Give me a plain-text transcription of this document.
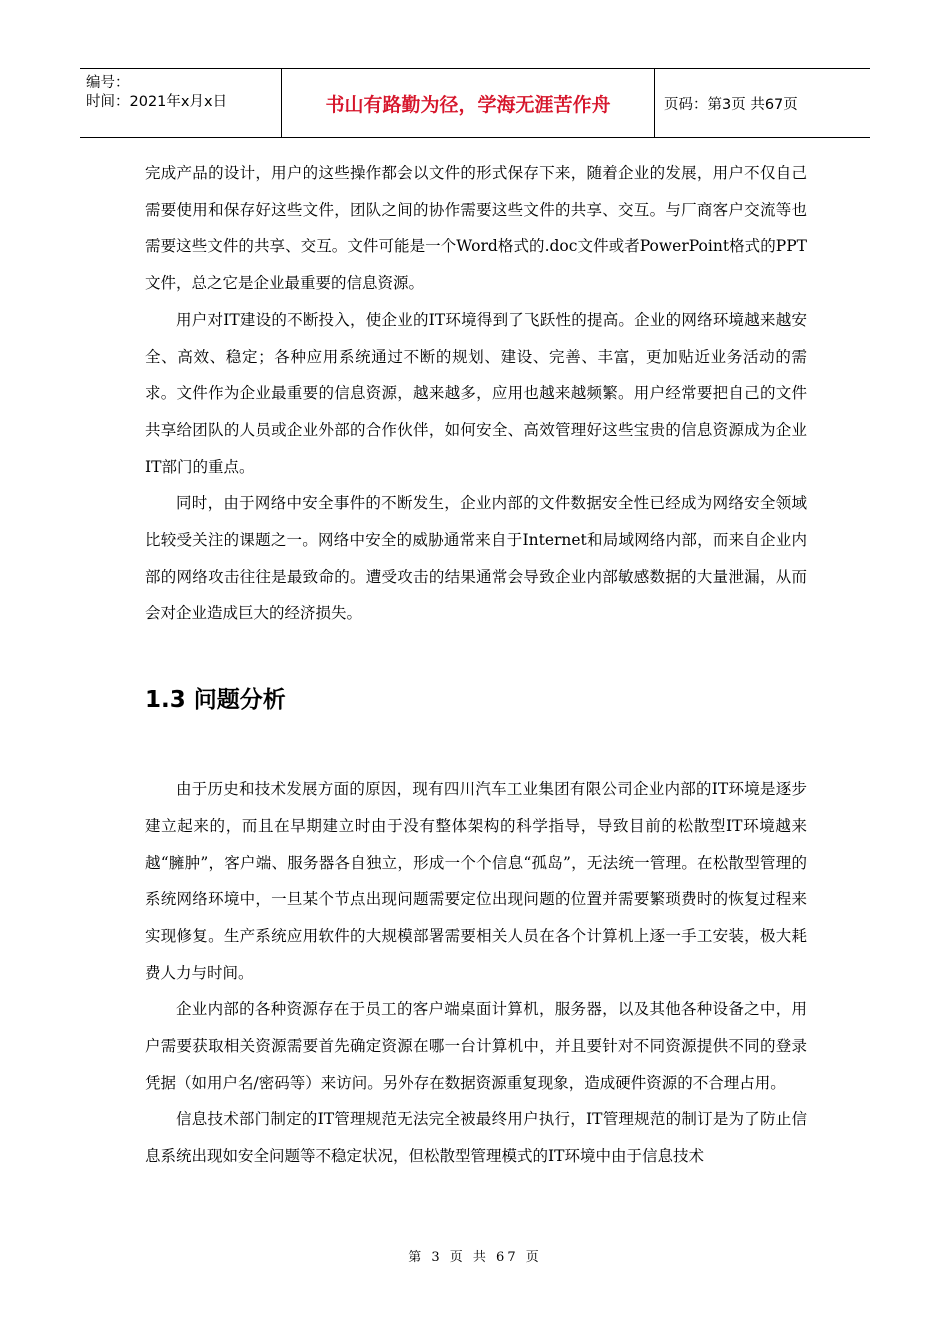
编号：
时间：2021年x月x日	书山有路勤为径，学海无涯苦作舟	页码：第3页 共67页

完成产品的设计，用户的这些操作都会以文件的形式保存下来，随着企业的发展，用户不仅自己需要使用和保存好这些文件，团队之间的协作需要这些文件的共享、交互。与厂商客户交流等也需要这些文件的共享、交互。文件可能是一个Word格式的.doc文件或者PowerPoint格式的PPT文件，总之它是企业最重要的信息资源。

用户对IT建设的不断投入，使企业的IT环境得到了飞跃性的提高。企业的网络环境越来越安全、高效、稳定；各种应用系统通过不断的规划、建设、完善、丰富，更加贴近业务活动的需求。文件作为企业最重要的信息资源，越来越多，应用也越来越频繁。用户经常要把自己的文件共享给团队的人员或企业外部的合作伙伴，如何安全、高效管理好这些宝贵的信息资源成为企业IT部门的重点。

同时，由于网络中安全事件的不断发生，企业内部的文件数据安全性已经成为网络安全领域比较受关注的课题之一。网络中安全的威胁通常来自于Internet和局域网络内部，而来自企业内部的网络攻击往往是最致命的。遭受攻击的结果通常会导致企业内部敏感数据的大量泄漏，从而会对企业造成巨大的经济损失。

1.3 问题分析

由于历史和技术发展方面的原因，现有四川汽车工业集团有限公司企业内部的IT环境是逐步建立起来的，而且在早期建立时由于没有整体架构的科学指导，导致目前的松散型IT环境越来越“臃肿”，客户端、服务器各自独立，形成一个个信息“孤岛”，无法统一管理。在松散型管理的系统网络环境中，一旦某个节点出现问题需要定位出现问题的位置并需要繁琐费时的恢复过程来实现修复。生产系统应用软件的大规模部署需要相关人员在各个计算机上逐一手工安装，极大耗费人力与时间。

企业内部的各种资源存在于员工的客户端桌面计算机，服务器，以及其他各种设备之中，用户需要获取相关资源需要首先确定资源在哪一台计算机中，并且要针对不同资源提供不同的登录凭据（如用户名/密码等）来访问。另外存在数据资源重复现象，造成硬件资源的不合理占用。

信息技术部门制定的IT管理规范无法完全被最终用户执行，IT管理规范的制订是为了防止信息系统出现如安全问题等不稳定状况，但松散型管理模式的IT环境中由于信息技术

第 3 页 共 67 页
